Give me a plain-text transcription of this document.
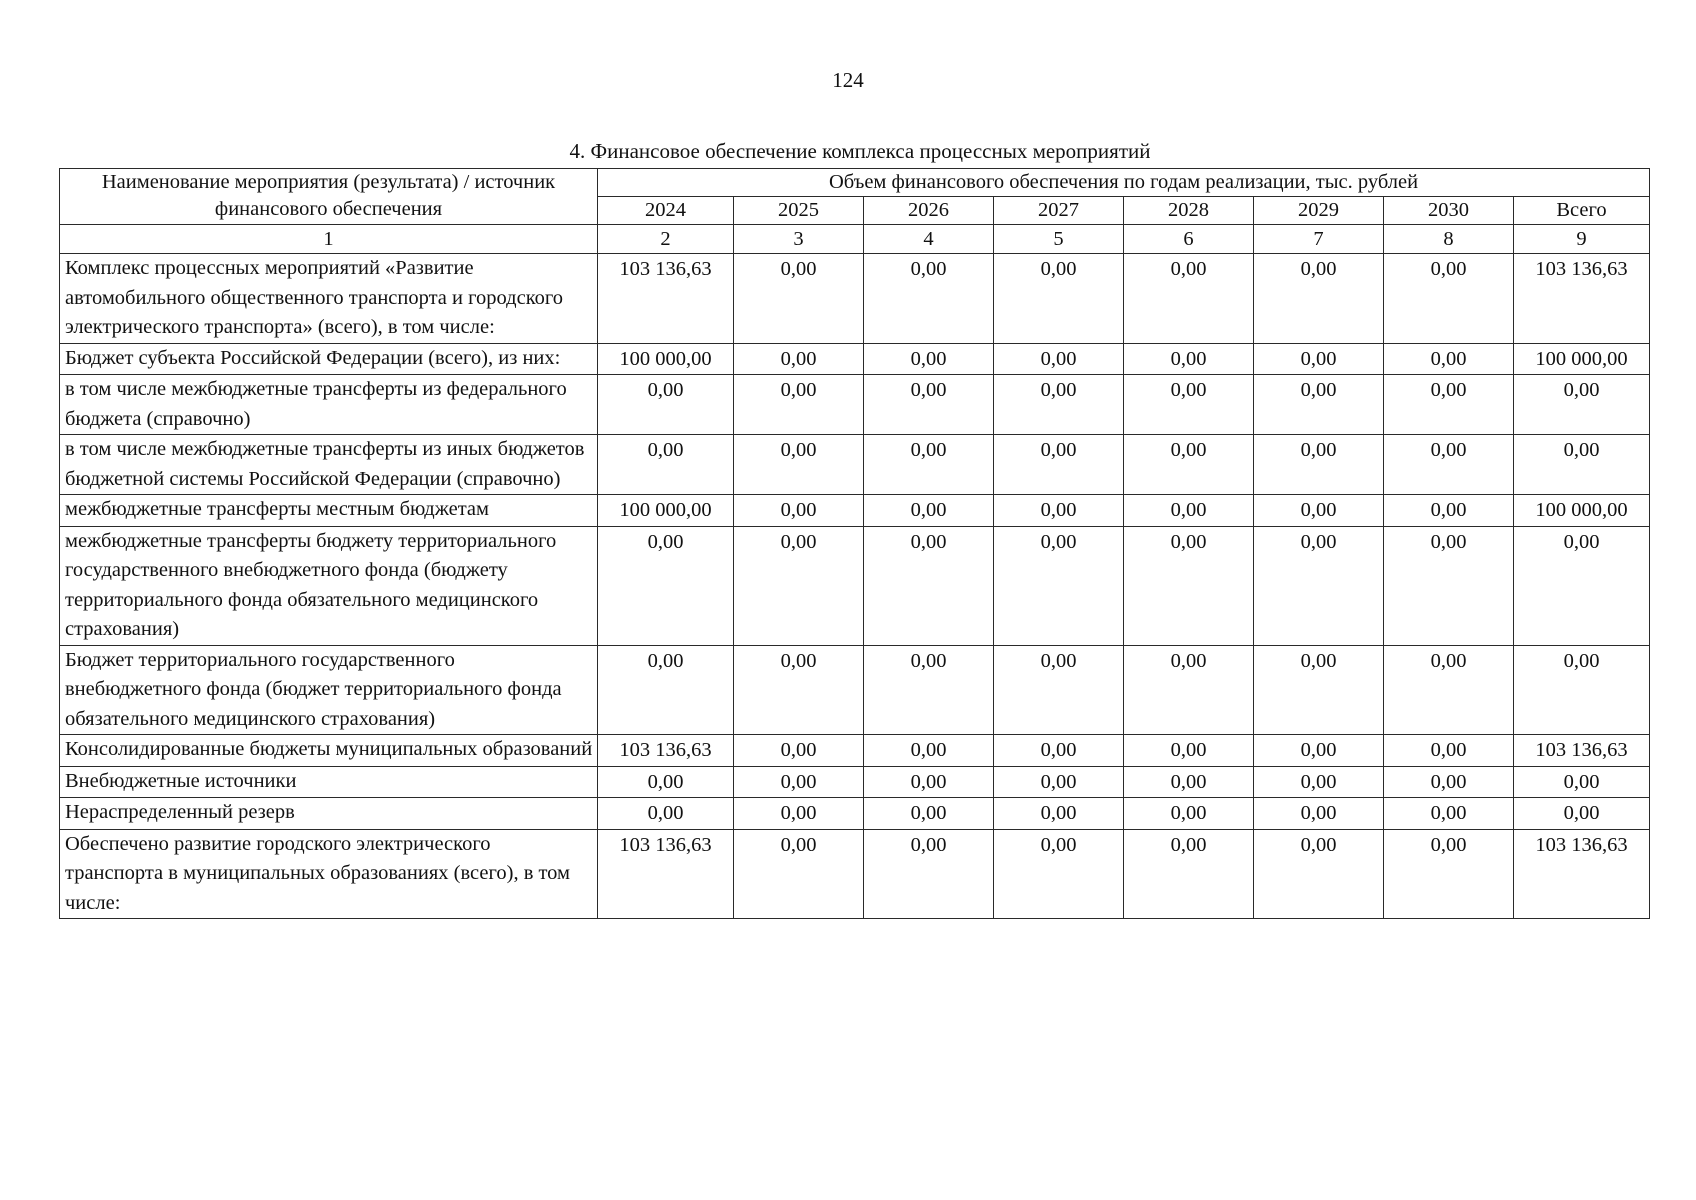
124
4. Финансовое обеспечение комплекса процессных мероприятий
Наименование мероприятия (результата) / источник финансового обеспечения	Объем финансового обеспечения по годам реализации, тыс. рублей							
	2024	2025	2026	2027	2028	2029	2030	Всего
1	2	3	4	5	6	7	8	9
Комплекс процессных мероприятий «Развитие автомобильного общественного транспорта и городского электрического транспорта» (всего), в том числе:	103 136,63	0,00	0,00	0,00	0,00	0,00	0,00	103 136,63
Бюджет субъекта Российской Федерации (всего), из них:	100 000,00	0,00	0,00	0,00	0,00	0,00	0,00	100 000,00
в том числе межбюджетные трансферты из федерального бюджета (справочно)	0,00	0,00	0,00	0,00	0,00	0,00	0,00	0,00
в том числе межбюджетные трансферты из иных бюджетов бюджетной системы Российской Федерации (справочно)	0,00	0,00	0,00	0,00	0,00	0,00	0,00	0,00
межбюджетные трансферты местным бюджетам	100 000,00	0,00	0,00	0,00	0,00	0,00	0,00	100 000,00
межбюджетные трансферты бюджету территориального государственного внебюджетного фонда (бюджету территориального фонда обязательного медицинского страхования)	0,00	0,00	0,00	0,00	0,00	0,00	0,00	0,00
Бюджет территориального государственного внебюджетного фонда (бюджет территориального фонда обязательного медицинского страхования)	0,00	0,00	0,00	0,00	0,00	0,00	0,00	0,00
Консолидированные бюджеты муниципальных образований	103 136,63	0,00	0,00	0,00	0,00	0,00	0,00	103 136,63
Внебюджетные источники	0,00	0,00	0,00	0,00	0,00	0,00	0,00	0,00
Нераспределенный резерв	0,00	0,00	0,00	0,00	0,00	0,00	0,00	0,00
Обеспечено развитие городского электрического транспорта в муниципальных образованиях (всего), в том числе:	103 136,63	0,00	0,00	0,00	0,00	0,00	0,00	103 136,63
